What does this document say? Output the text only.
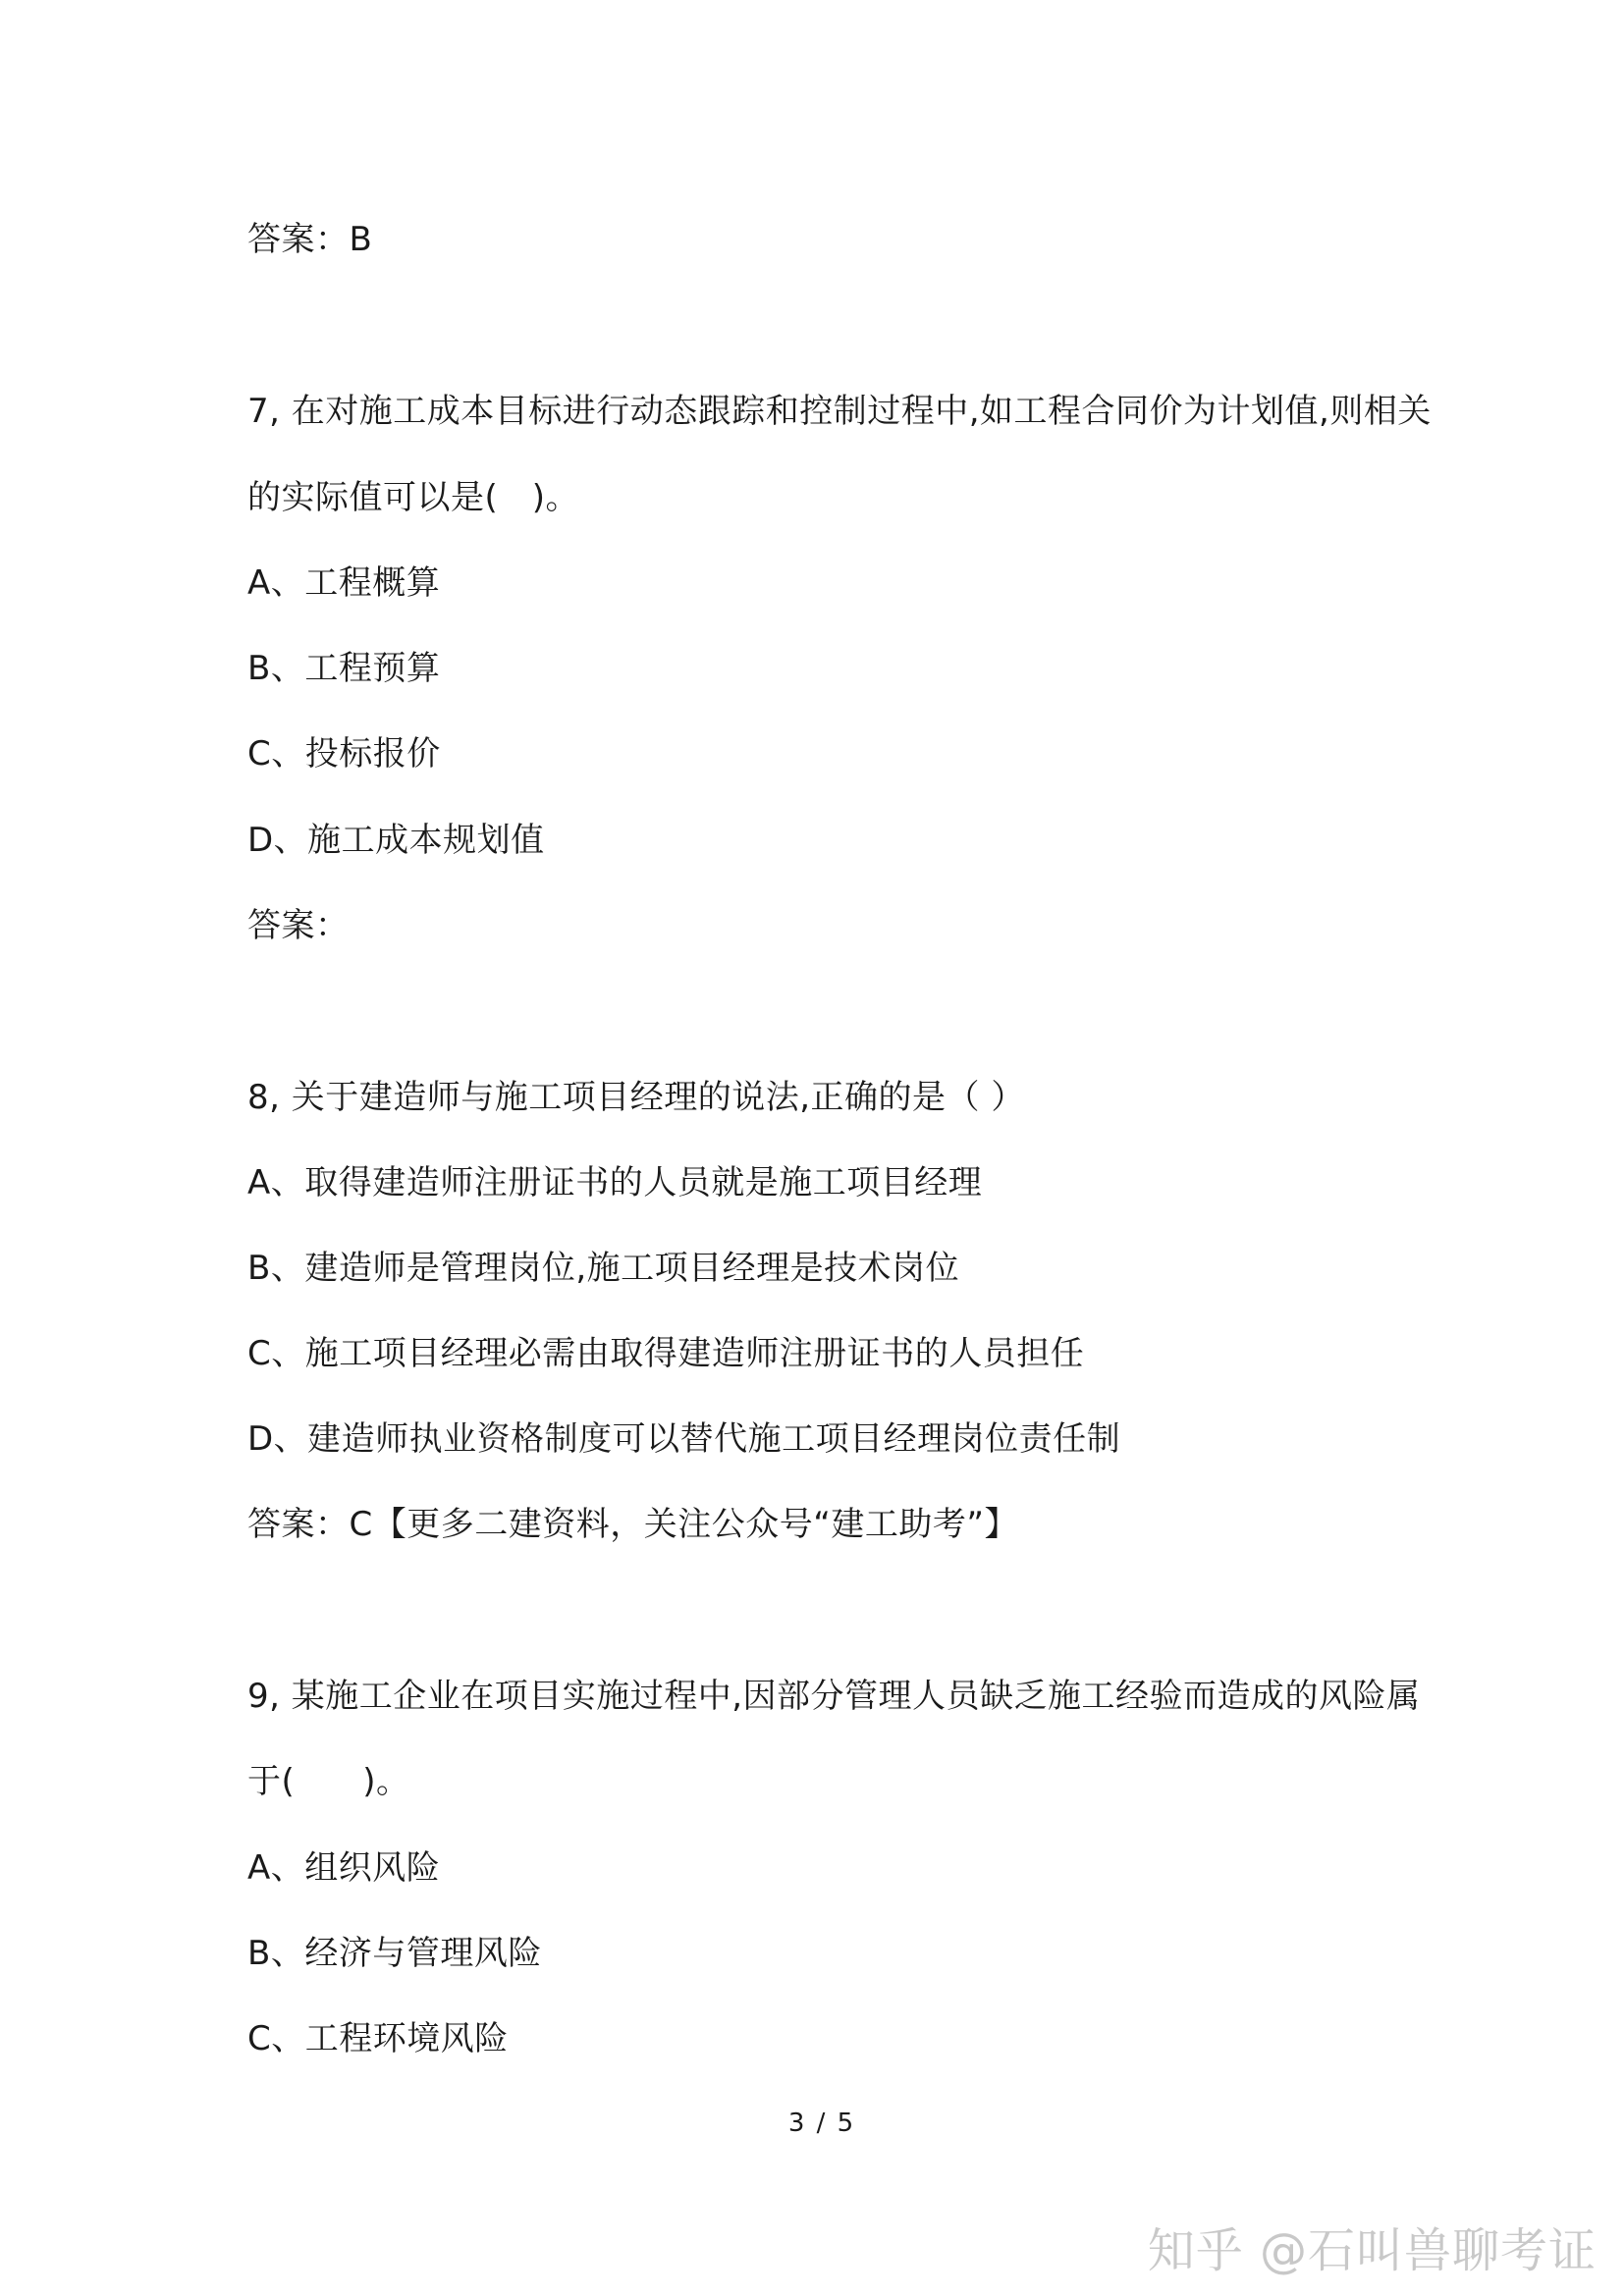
答案：B
7, 在对施工成本目标进行动态跟踪和控制过程中,如工程合同价为计划值,则相关
的实际值可以是(　)。
A、工程概算
B、工程预算
C、投标报价
D、施工成本规划值
答案：
8, 关于建造师与施工项目经理的说法,正确的是（ ）
A、取得建造师注册证书的人员就是施工项目经理
B、建造师是管理岗位,施工项目经理是技术岗位
C、施工项目经理必需由取得建造师注册证书的人员担任
D、建造师执业资格制度可以替代施工项目经理岗位责任制
答案：C【更多二建资料，关注公众号“建工助考”】
9, 某施工企业在项目实施过程中,因部分管理人员缺乏施工经验而造成的风险属
于(　　)。
A、组织风险
B、经济与管理风险
C、工程环境风险
3 / 5
知乎 @石叫兽聊考证
